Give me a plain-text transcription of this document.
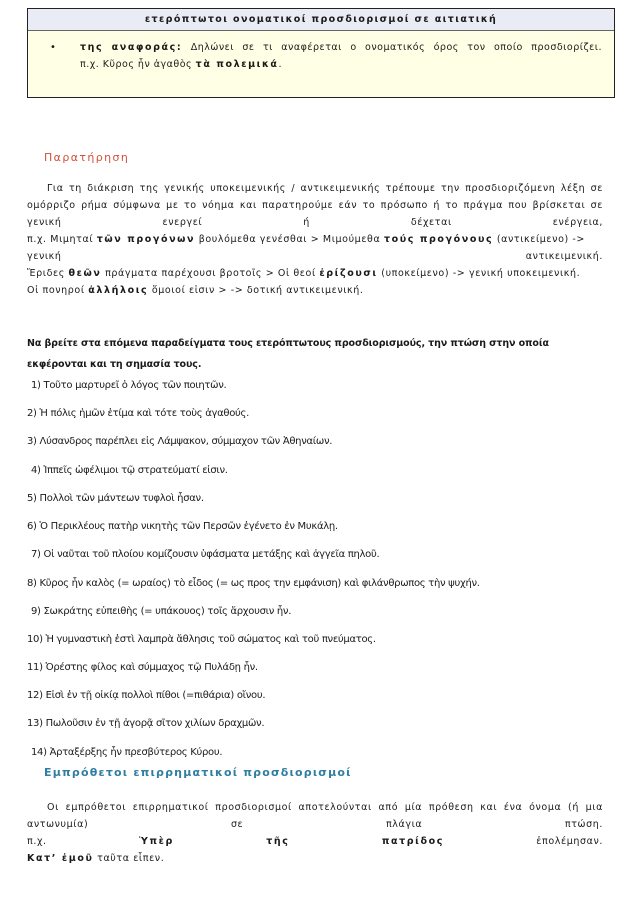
ετερόπτωτοι ονοματικοί προσδιορισμοί σε αιτιατική
• της αναφοράς: Δηλώνει σε τι αναφέρεται ο ονοματικός όρος τον οποίο προσδιορίζει.
π.χ. Κῦρος ἦν ἀγαθὸς τὰ πολεμικά.
Παρατήρηση
Για τη διάκριση της γενικής υποκειμενικής / αντικειμενικής τρέπουμε την προσδιοριζόμενη λέξη σε
ομόρριζο ρήμα σύμφωνα με το νόημα και παρατηρούμε εάν το πρόσωπο ή το πράγμα που βρίσκεται σε
γενική	ενεργεί	ή	δέχεται	ενέργεια,
π.χ. Μιμηταί τῶν προγόνων βουλόμεθα γενέσθαι > Μιμούμεθα τούς προγόνους (αντικείμενο) ->
γενική	αντικειμενική.
Ἔριδες θεῶν πράγματα παρέχουσι βροτοῖς > Οἱ θεοί ἐρίζουσι (υποκείμενο) -> γενική υποκειμενική.
Οἱ πονηροί ἀλλήλοις ὅμοιοί εἰσιν > -> δοτική αντικειμενική.
Να βρείτε στα επόμενα παραδείγματα τους ετερόπτωτους προσδιορισμούς, την πτώση στην οποία εκφέρονται και τη σημασία τους.
1) Τοῦτο μαρτυρεῖ ὁ λόγος τῶν ποιητῶν.
2) Ἡ πόλις ἡμῶν ἐτίμα καὶ τότε τοὺς ἀγαθούς.
3) Λύσανδρος παρέπλει εἰς Λάμψακον, σύμμαχον τῶν Ἀθηναίων.
4) Ἱππεῖς ὠφέλιμοι τῷ στρατεύματί εἰσιν.
5) Πολλοὶ τῶν μάντεων τυφλοὶ ἦσαν.
6) Ὁ Περικλέους πατὴρ νικητὴς τῶν Περσῶν ἐγένετο ἐν Μυκάλῃ.
7) Οἱ ναῦται τοῦ πλοίου κομίζουσιν ὑφάσματα μετάξης καὶ ἀγγεῖα πηλοῦ.
8) Κῦρος ἦν καλὸς (= ωραίος) τὸ εἶδος (= ως προς την εμφάνιση) καὶ φιλάνθρωπος τὴν ψυχήν.
9) Σωκράτης εὐπειθὴς (= υπάκουος) τοῖς ἄρχουσιν ἦν.
10) Ἡ γυμναστικὴ ἐστὶ λαμπρὰ ἄθλησις τοῦ σώματος καὶ τοῦ πνεύματος.
11) Ὀρέστης φίλος καὶ σύμμαχος τῷ Πυλάδῃ ἦν.
12) Εἰσὶ ἐν τῇ οἰκίᾳ πολλοὶ πίθοι (=πιθάρια) οἴνου.
13) Πωλοῦσιν ἐν τῇ ἀγορᾷ σῖτον χιλίων δραχμῶν.
14) Ἀρταξέρξης ἦν πρεσβύτερος Κύρου.
Εμπρόθετοι επιρρηματικοί προσδιορισμοί
Οι εμπρόθετοι επιρρηματικοί προσδιορισμοί αποτελούνται από μία πρόθεση και ένα όνομα (ή μια
αντωνυμία)	σε	πλάγια	πτώση.
π.χ.	Ὑπὲρ	τῆς	πατρίδος	ἐπολέμησαν.
Κατ’ ἐμοῦ ταῦτα εἶπεν.
